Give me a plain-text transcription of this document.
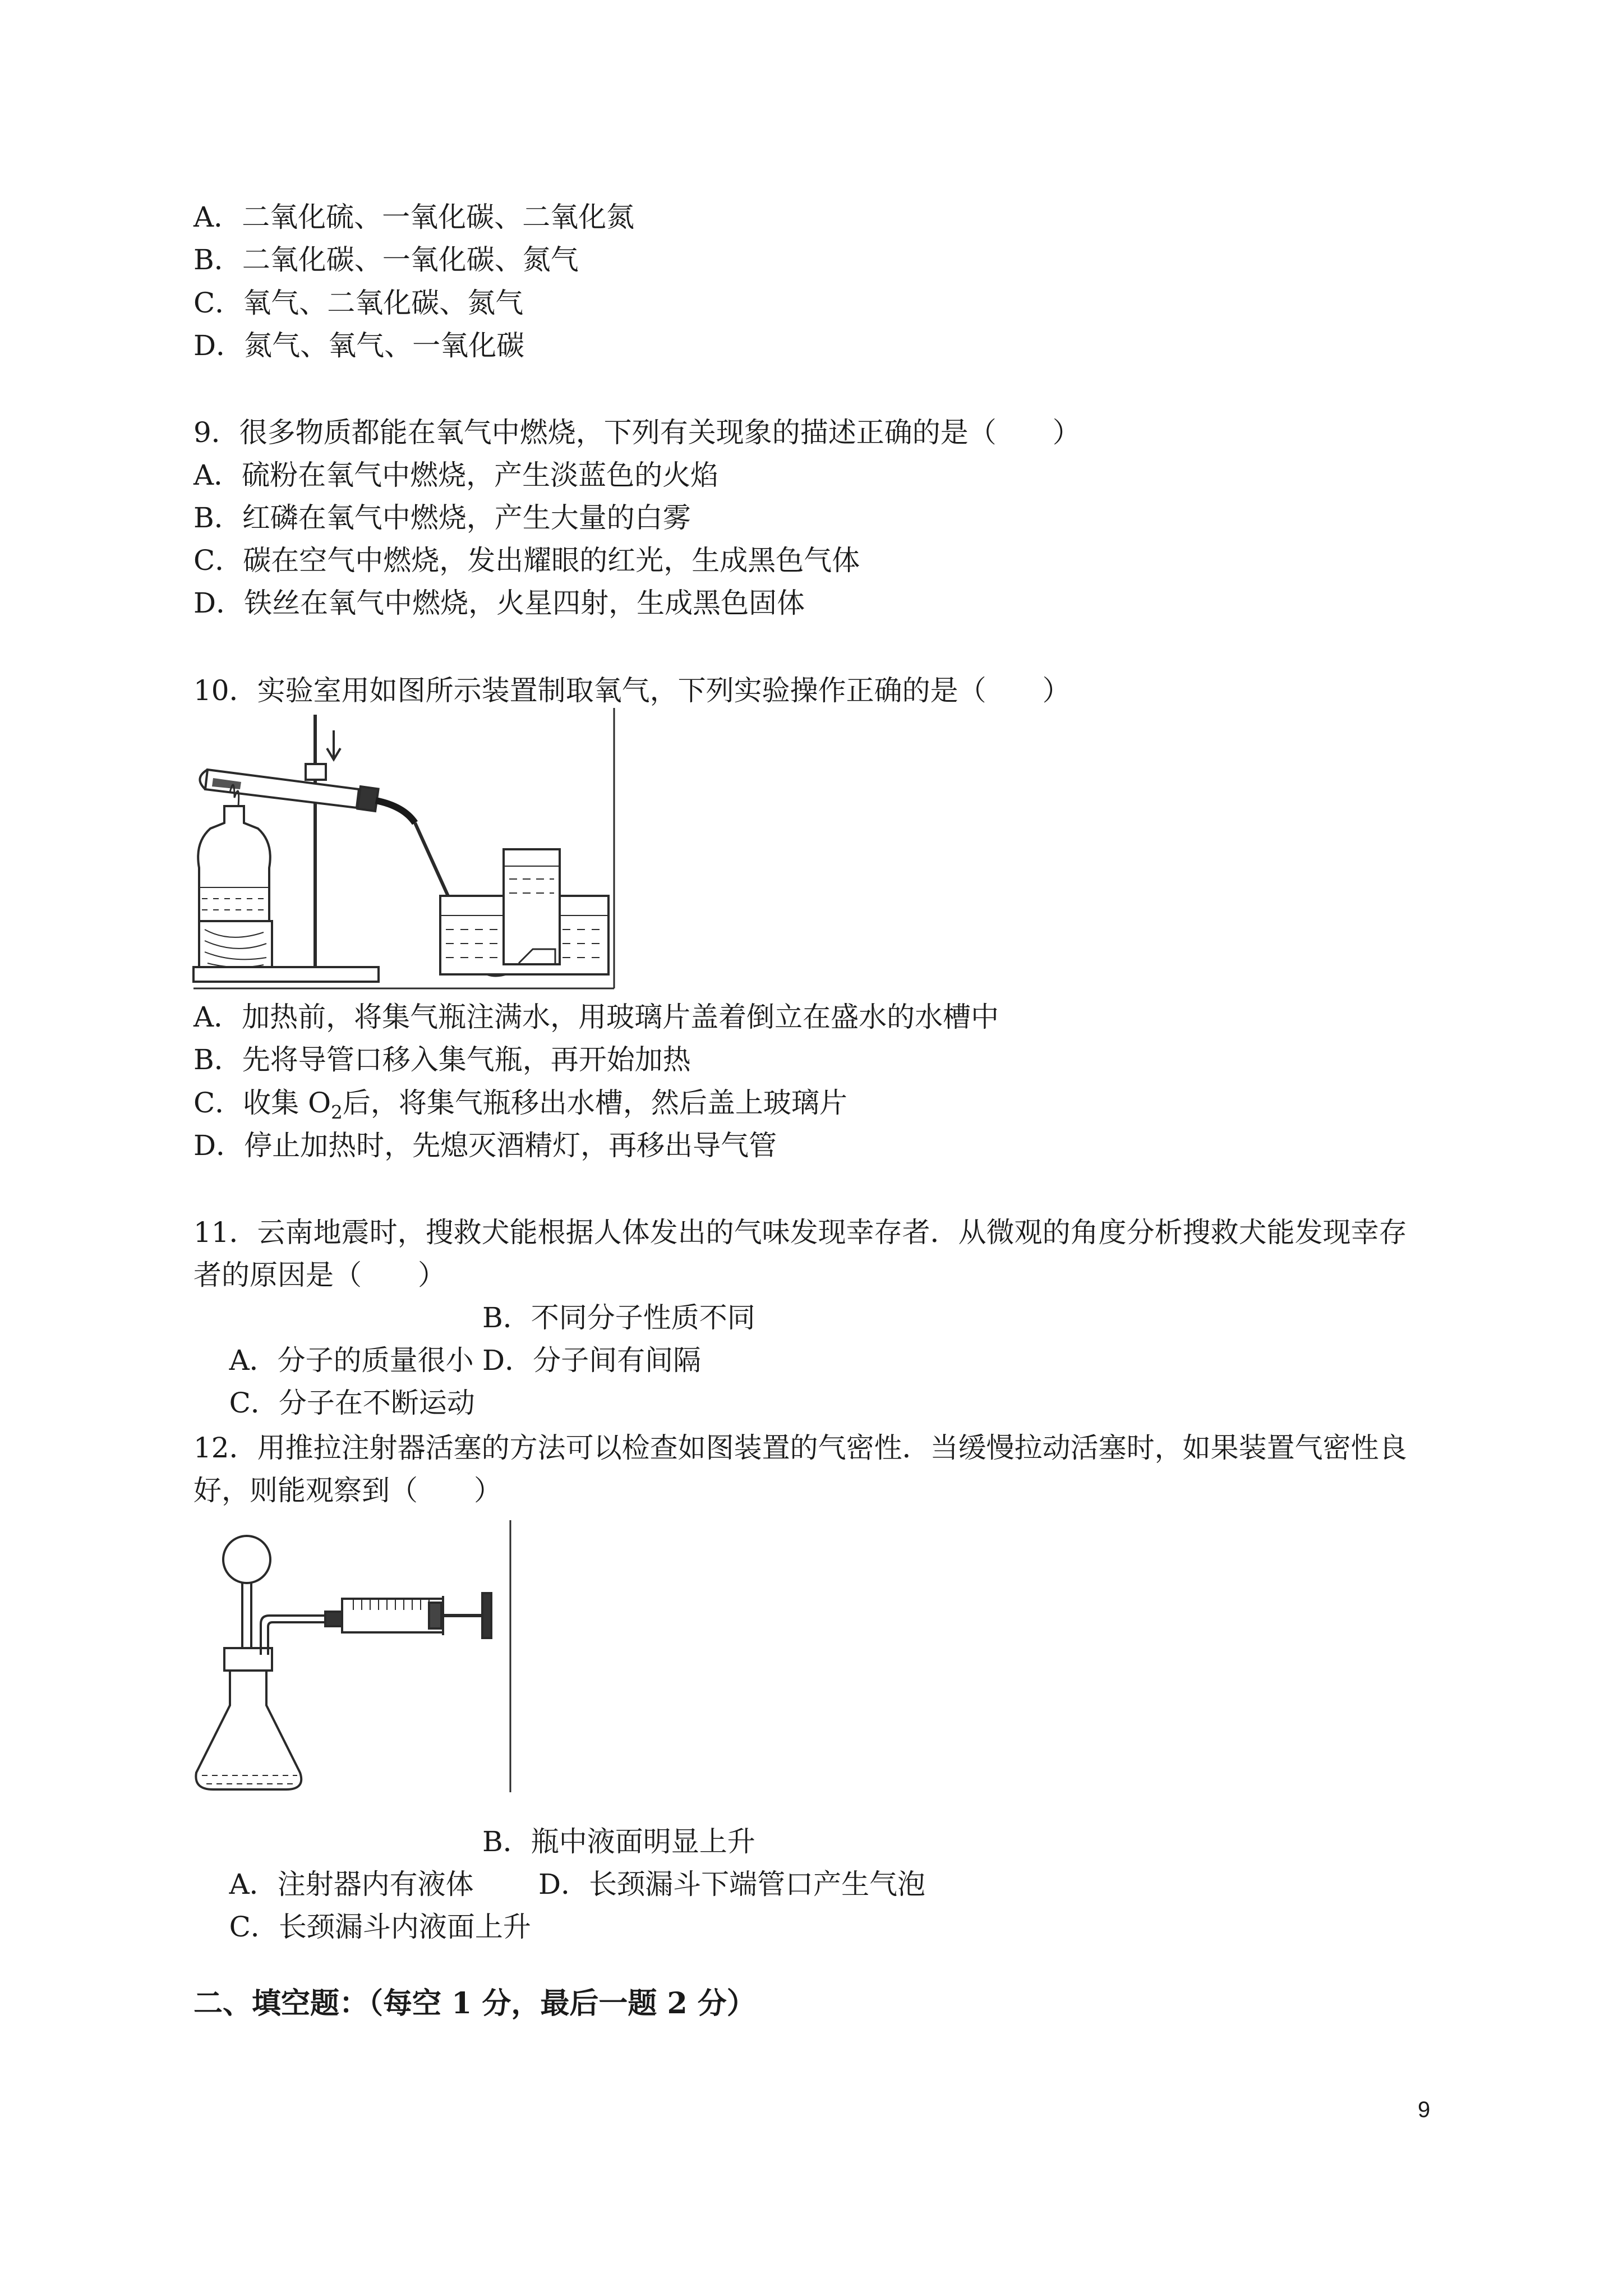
A．二氧化硫、一氧化碳、二氧化氮
B．二氧化碳、一氧化碳、氮气
C．氧气、二氧化碳、氮气
D．氮气、氧气、一氧化碳
9．很多物质都能在氧气中燃烧，下列有关现象的描述正确的是（　　）
A．硫粉在氧气中燃烧，产生淡蓝色的火焰
B．红磷在氧气中燃烧，产生大量的白雾
C．碳在空气中燃烧，发出耀眼的红光，生成黑色气体
D．铁丝在氧气中燃烧，火星四射，生成黑色固体
10．实验室用如图所示装置制取氧气，下列实验操作正确的是（　　）
A．加热前，将集气瓶注满水，用玻璃片盖着倒立在盛水的水槽中
B．先将导管口移入集气瓶，再开始加热
C．收集 $O_2$后，将集气瓶移出水槽，然后盖上玻璃片
D．停止加热时，先熄灭酒精灯，再移出导气管
11．云南地震时，搜救犬能根据人体发出的气味发现幸存者．从微观的角度分析搜救犬能发现幸存
者的原因是（　　）

A．分子的质量很小

B．不同分子性质不同

C．分子在不断运动

D．分子间有间隔

12．用推拉注射器活塞的方法可以检查如图装置的气密性．当缓慢拉动活塞时，如果装置气密性良
好，则能观察到（　　）

A．注射器内有液体

B．瓶中液面明显上升

C．长颈漏斗内液面上升

D．长颈漏斗下端管口产生气泡

二、填空题：（每空 1 分，最后一题 2 分）
9
